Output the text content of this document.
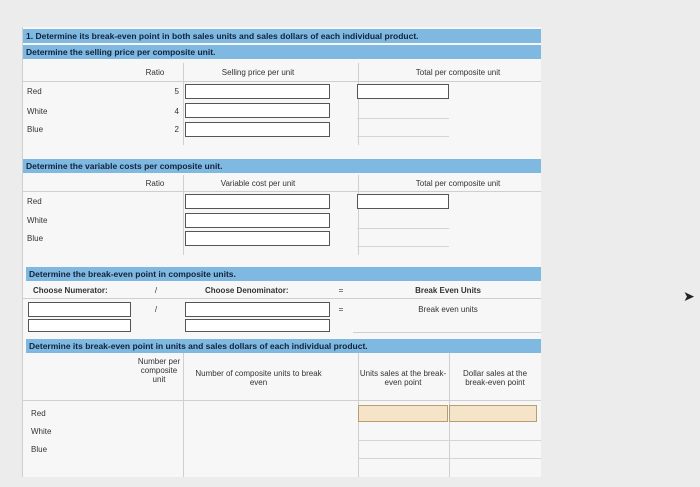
1. Determine its break-even point in both sales units and sales dollars of each individual product.
Determine the selling price per composite unit.
Ratio	Selling price per unit	Total per composite unit
Red	5
White	4
Blue	2
Determine the variable costs per composite unit.
Ratio	Variable cost per unit	Total per composite unit
Red
White
Blue
Determine the break-even point in composite units.
Choose Numerator:	/	Choose Denominator:	=	Break Even Units
/	=	Break even units
Determine its break-even point in units and sales dollars of each individual product.
Number per composite unit
Number of composite units to break even
Units sales at the break-even point
Dollar sales at the break-even point
Red
White
Blue
➤
